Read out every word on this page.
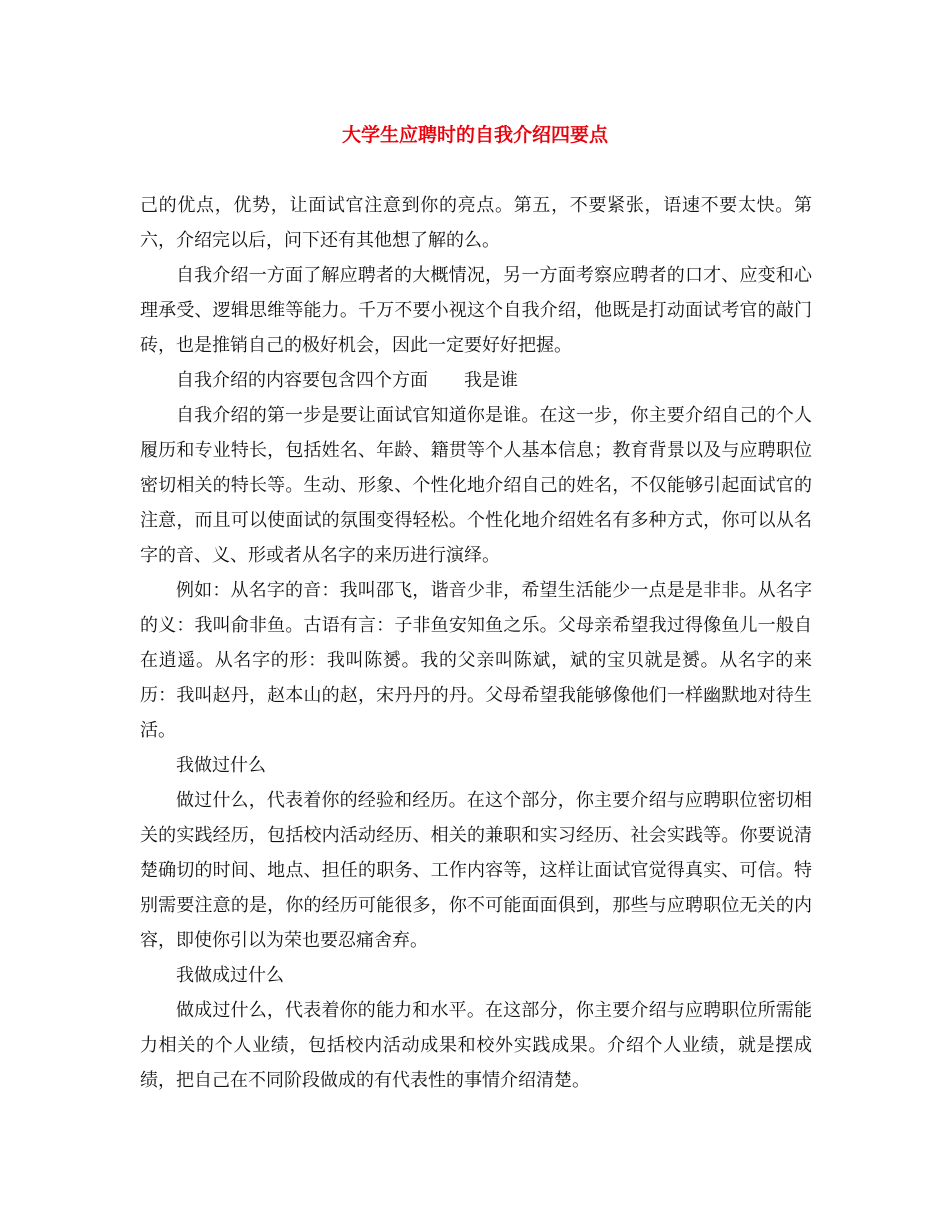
大学生应聘时的自我介绍四要点

己的优点，优势，让面试官注意到你的亮点。第五，不要紧张，语速不要太快。第六，介绍完以后，问下还有其他想了解的么。

自我介绍一方面了解应聘者的大概情况，另一方面考察应聘者的口才、应变和心理承受、逻辑思维等能力。千万不要小视这个自我介绍，他既是打动面试考官的敲门砖，也是推销自己的极好机会，因此一定要好好把握。

自我介绍的内容要包含四个方面　　我是谁

自我介绍的第一步是要让面试官知道你是谁。在这一步，你主要介绍自己的个人履历和专业特长，包括姓名、年龄、籍贯等个人基本信息；教育背景以及与应聘职位密切相关的特长等。生动、形象、个性化地介绍自己的姓名，不仅能够引起面试官的注意，而且可以使面试的氛围变得轻松。个性化地介绍姓名有多种方式，你可以从名字的音、义、形或者从名字的来历进行演绎。

例如：从名字的音：我叫邵飞，谐音少非，希望生活能少一点是是非非。从名字的义：我叫俞非鱼。古语有言：子非鱼安知鱼之乐。父母亲希望我过得像鱼儿一般自在逍遥。从名字的形：我叫陈赟。我的父亲叫陈斌，斌的宝贝就是赟。从名字的来历：我叫赵丹，赵本山的赵，宋丹丹的丹。父母希望我能够像他们一样幽默地对待生活。

我做过什么

做过什么，代表着你的经验和经历。在这个部分，你主要介绍与应聘职位密切相关的实践经历，包括校内活动经历、相关的兼职和实习经历、社会实践等。你要说清楚确切的时间、地点、担任的职务、工作内容等，这样让面试官觉得真实、可信。特别需要注意的是，你的经历可能很多，你不可能面面俱到，那些与应聘职位无关的内容，即使你引以为荣也要忍痛舍弃。

我做成过什么

做成过什么，代表着你的能力和水平。在这部分，你主要介绍与应聘职位所需能力相关的个人业绩，包括校内活动成果和校外实践成果。介绍个人业绩，就是摆成绩，把自己在不同阶段做成的有代表性的事情介绍清楚。
